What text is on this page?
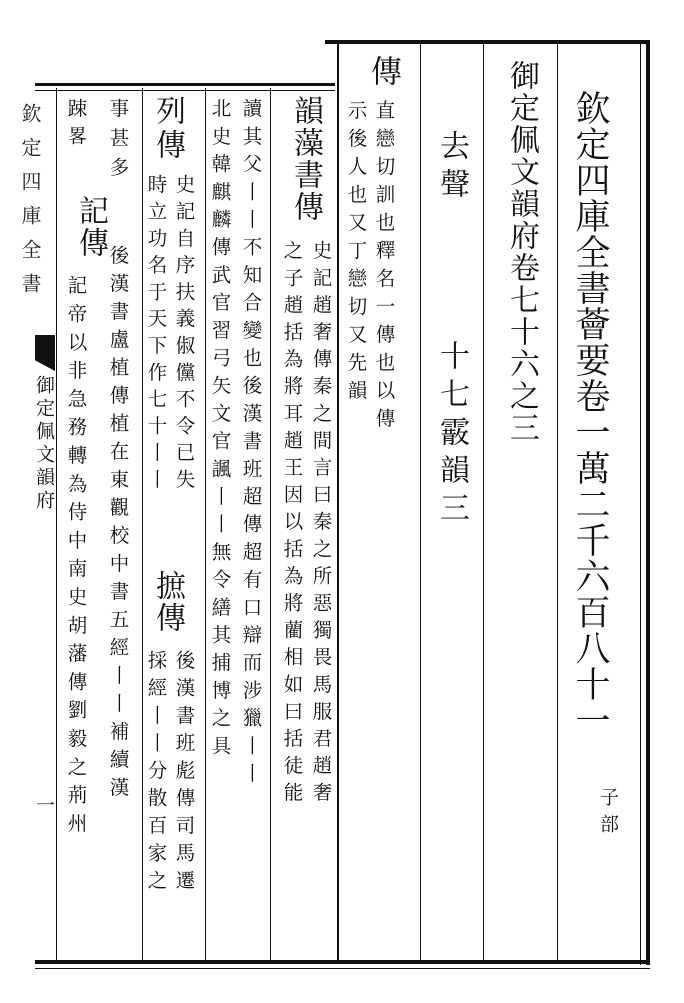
欽定四庫全書薈要卷一萬二千六百八十一
子部
御定佩文韻府卷七十六之三
去聲
十七霰韻三
傳
直戀切訓也釋名一傳也以傳
示後人也又丁戀切又先韻
韻藻書傳
史記趙奢傳秦之間言曰秦之所惡獨畏馬服君趙奢
之子趙括為將耳趙王因以括為將藺相如曰括徒能
讀其父丨丨不知合變也後漢書班超傳超有口辯而涉獵丨丨
北史韓麒麟傳武官習弓矢文官諷丨丨無令繕其捕博之具
列傳
史記自序扶義俶儻不令已失
摭傳
後漢書班彪傳司馬遷
時立功名于天下作七十丨丨
採經丨丨分散百家之
事甚多
記傳
後漢書盧植傳植在東觀校中書五經丨丨補續漢
記帝以非急務轉為侍中南史胡藩傳劉毅之荊州
踈畧
欽定四庫全書
御定佩文韻府
一
